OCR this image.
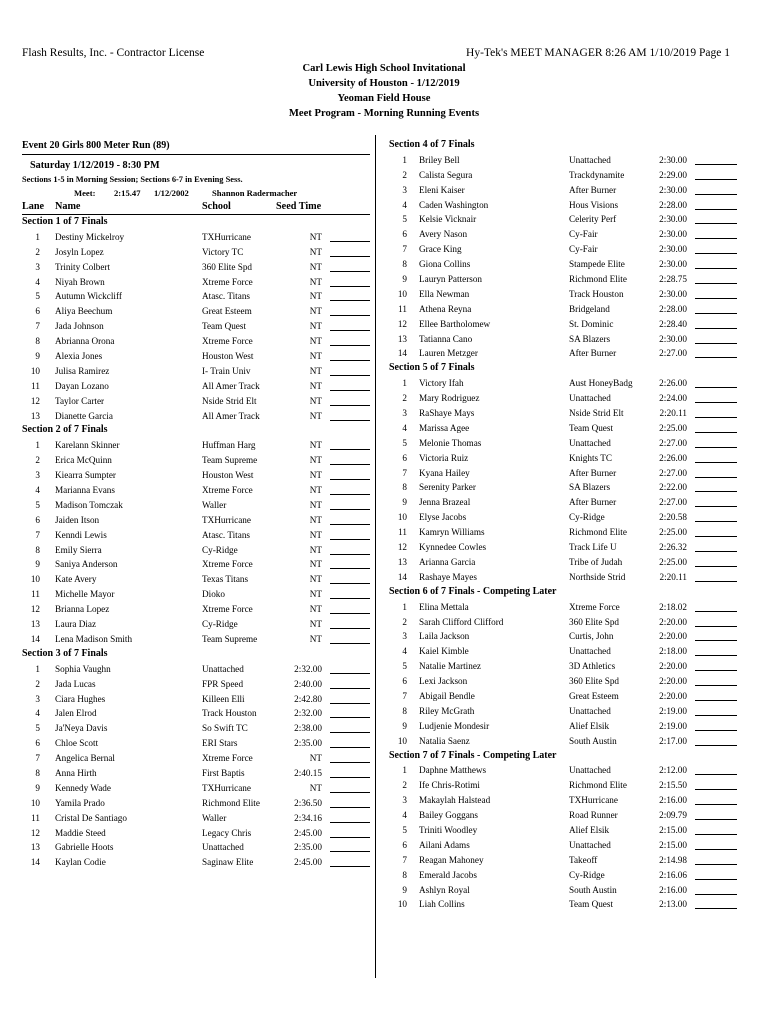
Flash Results, Inc. - Contractor License	Hy-Tek's MEET MANAGER 8:26 AM 1/10/2019 Page 1
Carl Lewis High School Invitational
University of Houston - 1/12/2019
Yeoman Field House
Meet Program - Morning Running Events
Event 20 Girls 800 Meter Run (89)
Saturday 1/12/2019 - 8:30 PM
Sections 1-5 in Morning Session; Sections 6-7 in Evening Sess.
Meet: 2:15.47 1/12/2002	Shannon Radermacher
Lane Name	School	Seed Time
Section 1 of 7 Finals
1 Destiny Mickelroy	TXHurricane	NT
2 Josyln Lopez	Victory TC	NT
3 Trinity Colbert	360 Elite Spd	NT
4 Niyah Brown	Xtreme Force	NT
5 Autumn Wickcliff	Atasc. Titans	NT
6 Aliya Beechum	Great Esteem	NT
7 Jada Johnson	Team Quest	NT
8 Abrianna Orona	Xtreme Force	NT
9 Alexia Jones	Houston West	NT
10 Julisa Ramirez	I- Train Univ	NT
11 Dayan Lozano	All Amer Track	NT
12 Taylor Carter	Nside Strid Elt	NT
13 Dianette Garcia	All Amer Track	NT
Section 2 of 7 Finals
1 Karelann Skinner	Huffman Harg	NT
2 Erica McQuinn	Team Supreme	NT
3 Kiearra Sumpter	Houston West	NT
4 Marianna Evans	Xtreme Force	NT
5 Madison Tomczak	Waller	NT
6 Jaiden Itson	TXHurricane	NT
7 Kenndi Lewis	Atasc. Titans	NT
8 Emily Sierra	Cy-Ridge	NT
9 Saniya Anderson	Xtreme Force	NT
10 Kate Avery	Texas Titans	NT
11 Michelle Mayor	Dioko	NT
12 Brianna Lopez	Xtreme Force	NT
13 Laura Diaz	Cy-Ridge	NT
14 Lena Madison Smith	Team Supreme	NT
Section 3 of 7 Finals
1 Sophia Vaughn	Unattached	2:32.00
2 Jada Lucas	FPR Speed	2:40.00
3 Ciara Hughes	Killeen Elli	2:42.80
4 Jalen Elrod	Track Houston	2:32.00
5 Ja'Neya Davis	So Swift TC	2:38.00
6 Chloe Scott	ERI Stars	2:35.00
7 Angelica Bernal	Xtreme Force	NT
8 Anna Hirth	First Baptis	2:40.15
9 Kennedy Wade	TXHurricane	NT
10 Yamila Prado	Richmond Elite	2:36.50
11 Cristal De Santiago	Waller	2:34.16
12 Maddie Steed	Legacy Chris	2:45.00
13 Gabrielle Hoots	Unattached	2:35.00
14 Kaylan Codie	Saginaw Elite	2:45.00
Section 4 of 7 Finals
1 Briley Bell	Unattached	2:30.00
2 Calista Segura	Trackdynamite	2:29.00
3 Eleni Kaiser	After Burner	2:30.00
4 Caden Washington	Hous Visions	2:28.00
5 Kelsie Vicknair	Celerity Perf	2:30.00
6 Avery Nason	Cy-Fair	2:30.00
7 Grace King	Cy-Fair	2:30.00
8 Giona Collins	Stampede Elite	2:30.00
9 Lauryn Patterson	Richmond Elite	2:28.75
10 Ella Newman	Track Houston	2:30.00
11 Athena Reyna	Bridgeland	2:28.00
12 Ellee Bartholomew	St. Dominic	2:28.40
13 Tatianna Cano	SA Blazers	2:30.00
14 Lauren Metzger	After Burner	2:27.00
Section 5 of 7 Finals
1 Victory Ifah	Aust HoneyBadg	2:26.00
2 Mary Rodriguez	Unattached	2:24.00
3 RaShaye Mays	Nside Strid Elt	2:20.11
4 Marissa Agee	Team Quest	2:25.00
5 Melonie Thomas	Unattached	2:27.00
6 Victoria Ruiz	Knights TC	2:26.00
7 Kyana Hailey	After Burner	2:27.00
8 Serenity Parker	SA Blazers	2:22.00
9 Jenna Brazeal	After Burner	2:27.00
10 Elyse Jacobs	Cy-Ridge	2:20.58
11 Kamryn Williams	Richmond Elite	2:25.00
12 Kynnedee Cowles	Track Life U	2:26.32
13 Arianna Garcia	Tribe of Judah	2:25.00
14 Rashaye Mayes	Northside Strid	2:20.11
Section 6 of 7 Finals - Competing Later
1 Elina Mettala	Xtreme Force	2:18.02
2 Sarah Clifford Clifford	360 Elite Spd	2:20.00
3 Laila Jackson	Curtis, John	2:20.00
4 Kaiel Kimble	Unattached	2:18.00
5 Natalie Martinez	3D Athletics	2:20.00
6 Lexi Jackson	360 Elite Spd	2:20.00
7 Abigail Bendle	Great Esteem	2:20.00
8 Riley McGrath	Unattached	2:19.00
9 Ludjenie Mondesir	Alief Elsik	2:19.00
10 Natalia Saenz	South Austin	2:17.00
Section 7 of 7 Finals - Competing Later
1 Daphne Matthews	Unattached	2:12.00
2 Ife Chris-Rotimi	Richmond Elite	2:15.50
3 Makaylah Halstead	TXHurricane	2:16.00
4 Bailey Goggans	Road Runner	2:09.79
5 Triniti Woodley	Alief Elsik	2:15.00
6 Ailani Adams	Unattached	2:15.00
7 Reagan Mahoney	Takeoff	2:14.98
8 Emerald Jacobs	Cy-Ridge	2:16.06
9 Ashlyn Royal	South Austin	2:16.00
10 Liah Collins	Team Quest	2:13.00
